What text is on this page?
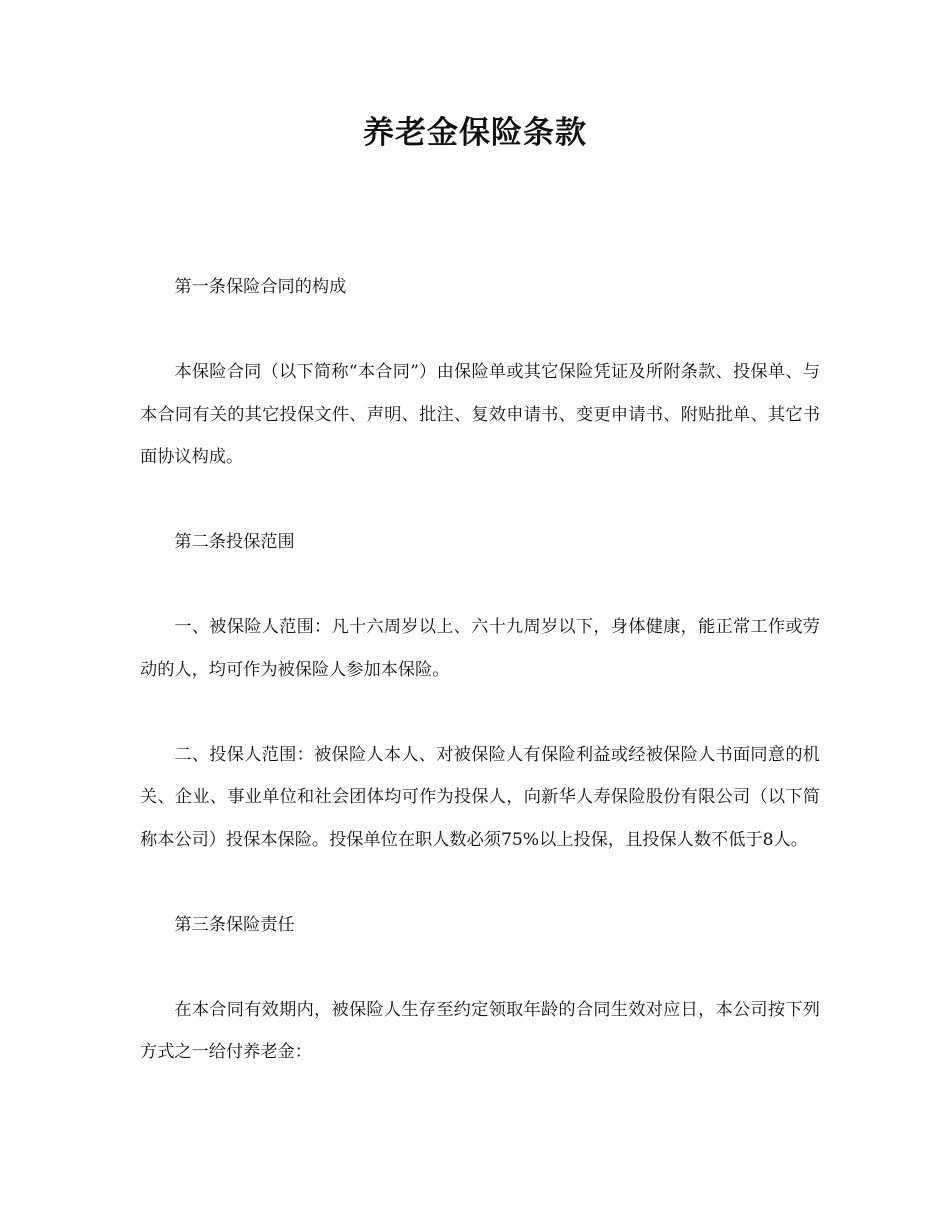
养老金保险条款

第一条保险合同的构成

本保险合同（以下简称“本合同”）由保险单或其它保险凭证及所附条款、投保单、与本合同有关的其它投保文件、声明、批注、复效申请书、变更申请书、附贴批单、其它书面协议构成。

第二条投保范围

一、被保险人范围：凡十六周岁以上、六十九周岁以下，身体健康，能正常工作或劳动的人，均可作为被保险人参加本保险。

二、投保人范围：被保险人本人、对被保险人有保险利益或经被保险人书面同意的机关、企业、事业单位和社会团体均可作为投保人，向新华人寿保险股份有限公司（以下简称本公司）投保本保险。投保单位在职人数必须75%以上投保，且投保人数不低于8人。

第三条保险责任

在本合同有效期内，被保险人生存至约定领取年龄的合同生效对应日，本公司按下列方式之一给付养老金：
